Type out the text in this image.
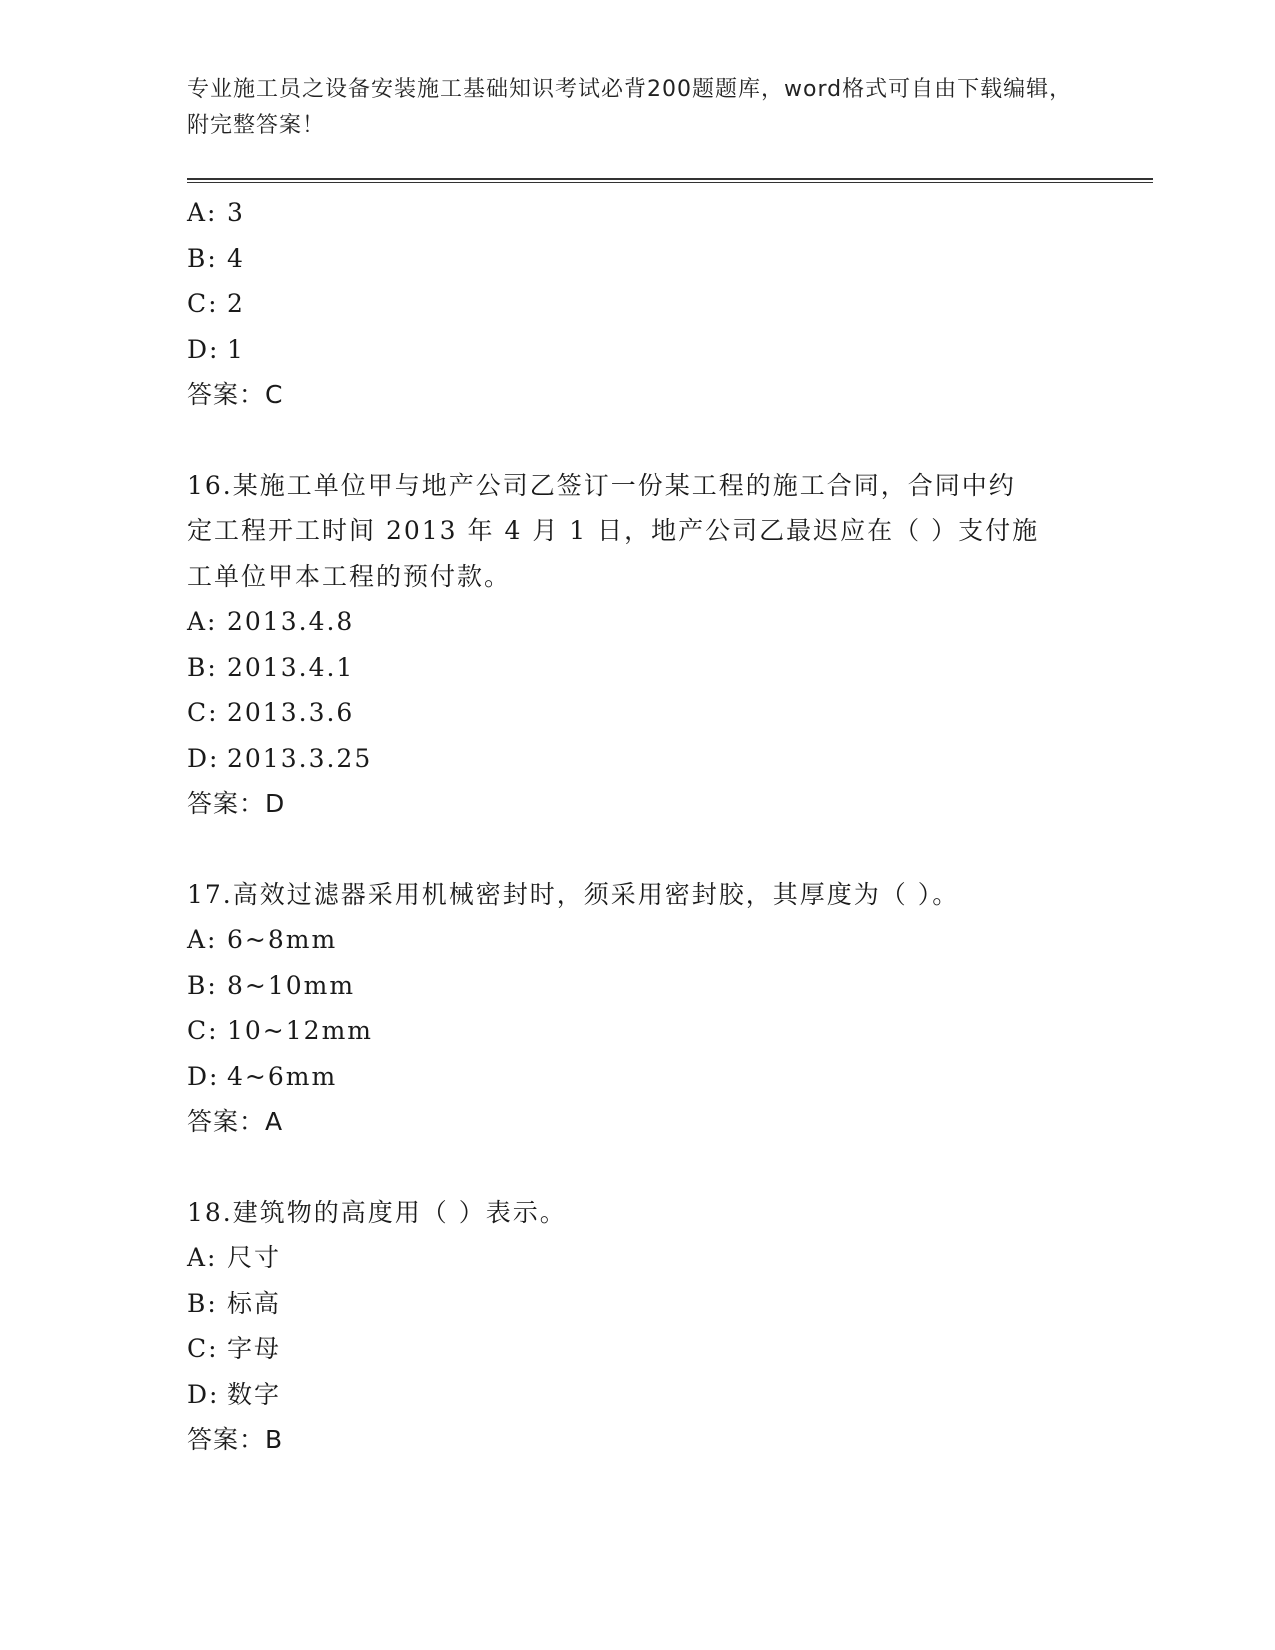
专业施工员之设备安装施工基础知识考试必背200题题库，word格式可自由下载编辑，附完整答案！
A: 3
B: 4
C: 2
D: 1
答案：C
16.某施工单位甲与地产公司乙签订一份某工程的施工合同，合同中约
定工程开工时间 2013 年 4 月 1 日，地产公司乙最迟应在（ ）支付施
工单位甲本工程的预付款。
A: 2013.4.8
B: 2013.4.1
C: 2013.3.6
D: 2013.3.25
答案：D
17.高效过滤器采用机械密封时，须采用密封胶，其厚度为（ ）。
A: 6~8mm
B: 8~10mm
C: 10~12mm
D: 4~6mm
答案：A
18.建筑物的高度用（ ）表示。
A: 尺寸
B: 标高
C: 字母
D: 数字
答案：B
